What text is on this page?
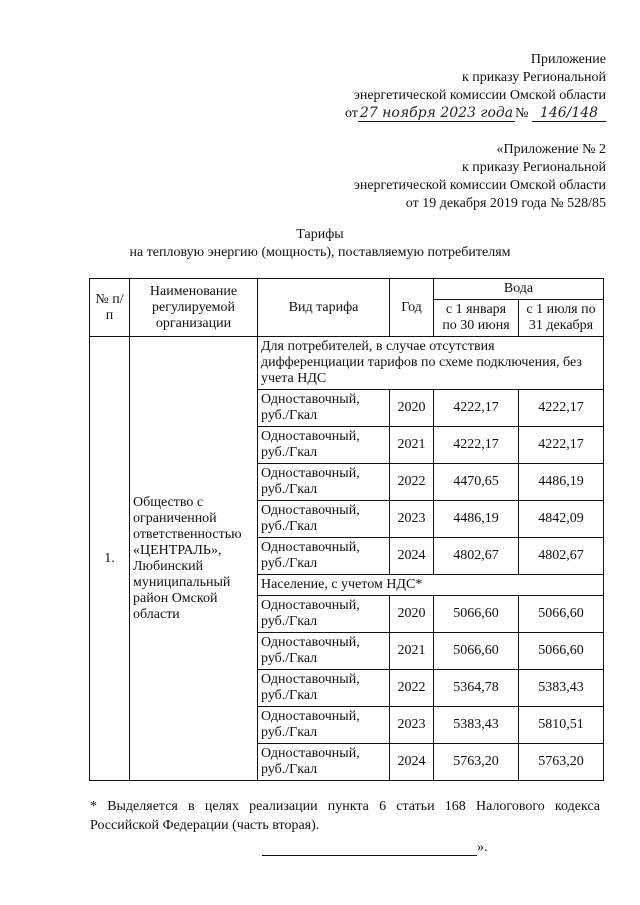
Приложение
к приказу Региональной
энергетической комиссии Омской области
от 27 ноября 2023 года № 146/148
«Приложение № 2
к приказу Региональной
энергетической комиссии Омской области
от 19 декабря 2019 года № 528/85
Тарифы
на тепловую энергию (мощность), поставляемую потребителям
№ п/п	Наименование регулируемой организации	Вид тарифа	Год	Вода	
				с 1 января по 30 июня	с 1 июля по 31 декабря
1.	Общество с ограниченной ответственностью «ЦЕНТРАЛЬ», Любинский муниципальный район Омской области	Для потребителей, в случае отсутствия дифференциации тарифов по схеме подключения, без учета НДС			
		Одноставочный, руб./Гкал	2020	4222,17	4222,17
		Одноставочный, руб./Гкал	2021	4222,17	4222,17
		Одноставочный, руб./Гкал	2022	4470,65	4486,19
		Одноставочный, руб./Гкал	2023	4486,19	4842,09
		Одноставочный, руб./Гкал	2024	4802,67	4802,67
		Население, с учетом НДС*			
		Одноставочный, руб./Гкал	2020	5066,60	5066,60
		Одноставочный, руб./Гкал	2021	5066,60	5066,60
		Одноставочный, руб./Гкал	2022	5364,78	5383,43
		Одноставочный, руб./Гкал	2023	5383,43	5810,51
		Одноставочный, руб./Гкал	2024	5763,20	5763,20
* Выделяется в целях реализации пункта 6 статьи 168 Налогового кодекса Российской Федерации (часть вторая).
».
